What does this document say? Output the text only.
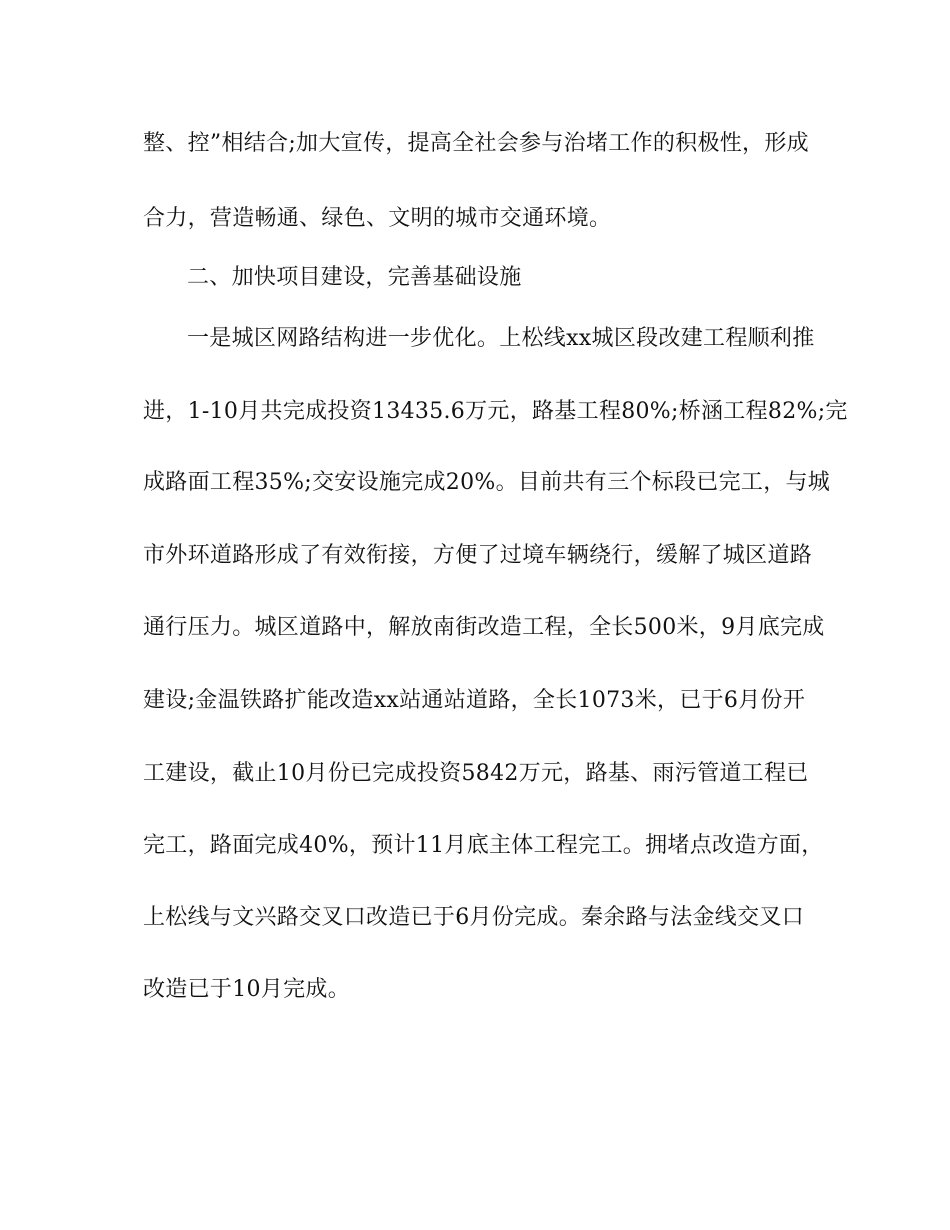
整、控”相结合;加大宣传，提高全社会参与治堵工作的积极性，形成
合力，营造畅通、绿色、文明的城市交通环境。
二、加快项目建设，完善基础设施
一是城区网路结构进一步优化。上松线xx城区段改建工程顺利推
进，1-10月共完成投资13435.6万元，路基工程80%;桥涵工程82%;完
成路面工程35%;交安设施完成20%。目前共有三个标段已完工，与城
市外环道路形成了有效衔接，方便了过境车辆绕行，缓解了城区道路
通行压力。城区道路中，解放南街改造工程，全长500米，9月底完成
建设;金温铁路扩能改造xx站通站道路，全长1073米，已于6月份开
工建设，截止10月份已完成投资5842万元，路基、雨污管道工程已
完工，路面完成40%，预计11月底主体工程完工。拥堵点改造方面，
上松线与文兴路交叉口改造已于6月份完成。秦余路与法金线交叉口
改造已于10月完成。
